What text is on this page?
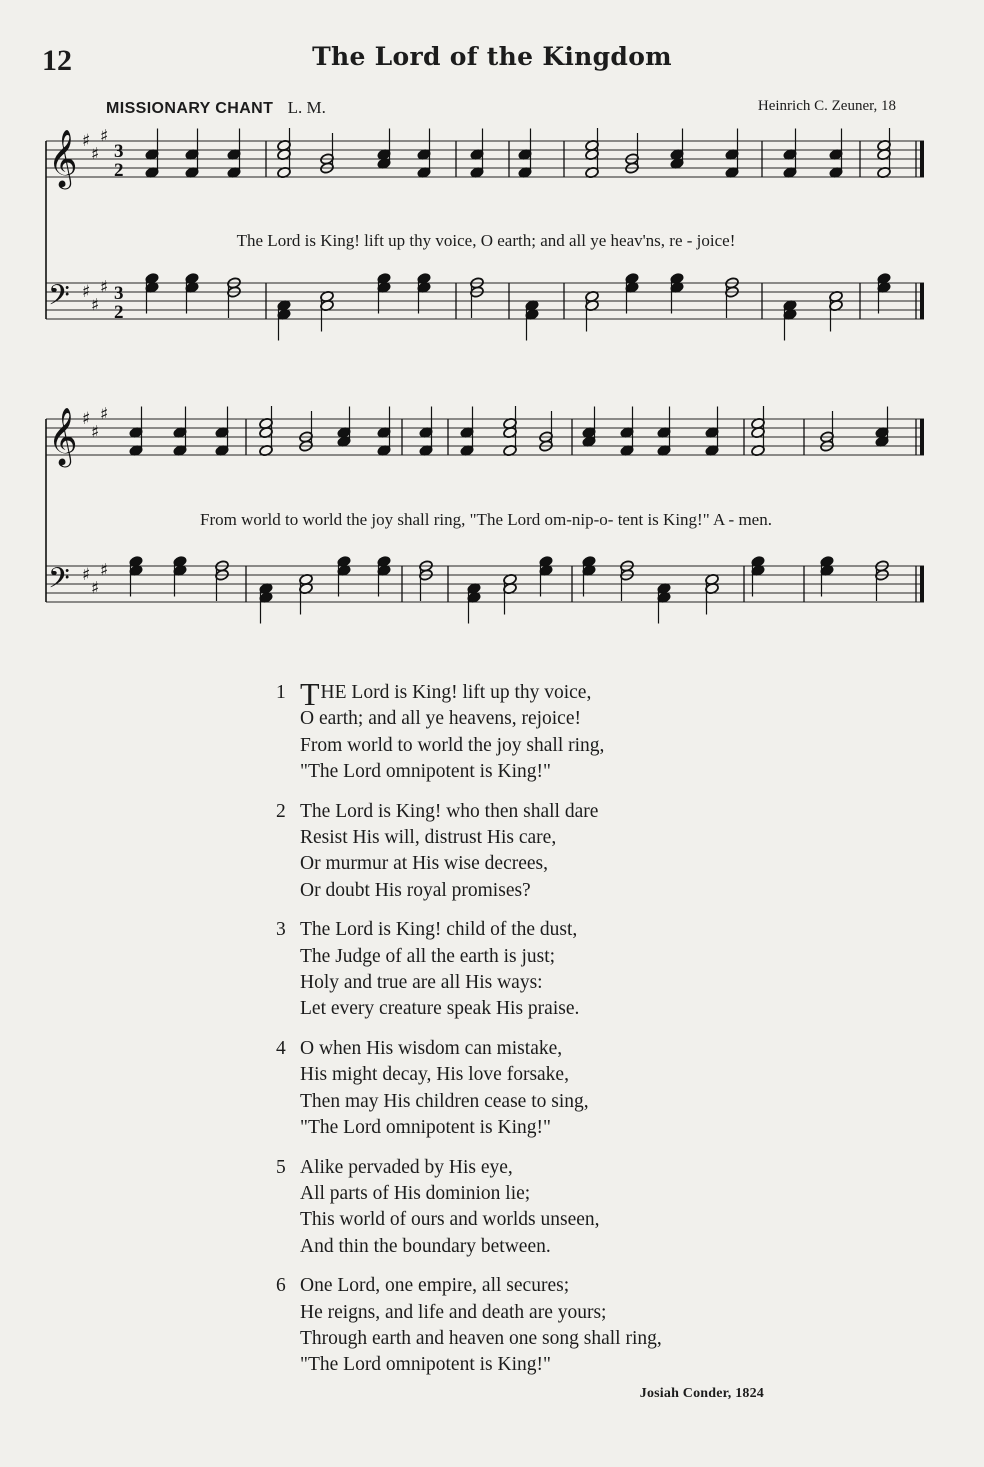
12	The Lord of the Kingdom
MISSIONARY CHANT L. M.	Heinrich C. Zeuner, 18
𝄞 ♯
♯
♯
3
2
𝄢 ♯
♯
♯ 3
2
The Lord is King! lift up thy voice, O earth; and all ye heav'ns, re - joice!
𝄞 ♯
♯
♯
𝄢 ♯
♯
♯
From world to world the joy shall ring, "The Lord om-nip-o- tent is King!" A - men.
1 THE Lord is King! lift up thy voice,
O earth; and all ye heavens, rejoice!
From world to world the joy shall ring,
"The Lord omnipotent is King!"
2 The Lord is King! who then shall dare
Resist His will, distrust His care,
Or murmur at His wise decrees,
Or doubt His royal promises?
3 The Lord is King! child of the dust,
The Judge of all the earth is just;
Holy and true are all His ways:
Let every creature speak His praise.
4 O when His wisdom can mistake,
His might decay, His love forsake,
Then may His children cease to sing,
"The Lord omnipotent is King!"
5 Alike pervaded by His eye,
All parts of His dominion lie;
This world of ours and worlds unseen,
And thin the boundary between.
6 One Lord, one empire, all secures;
He reigns, and life and death are yours;
Through earth and heaven one song shall ring,
"The Lord omnipotent is King!"
Josiah Conder, 1824
